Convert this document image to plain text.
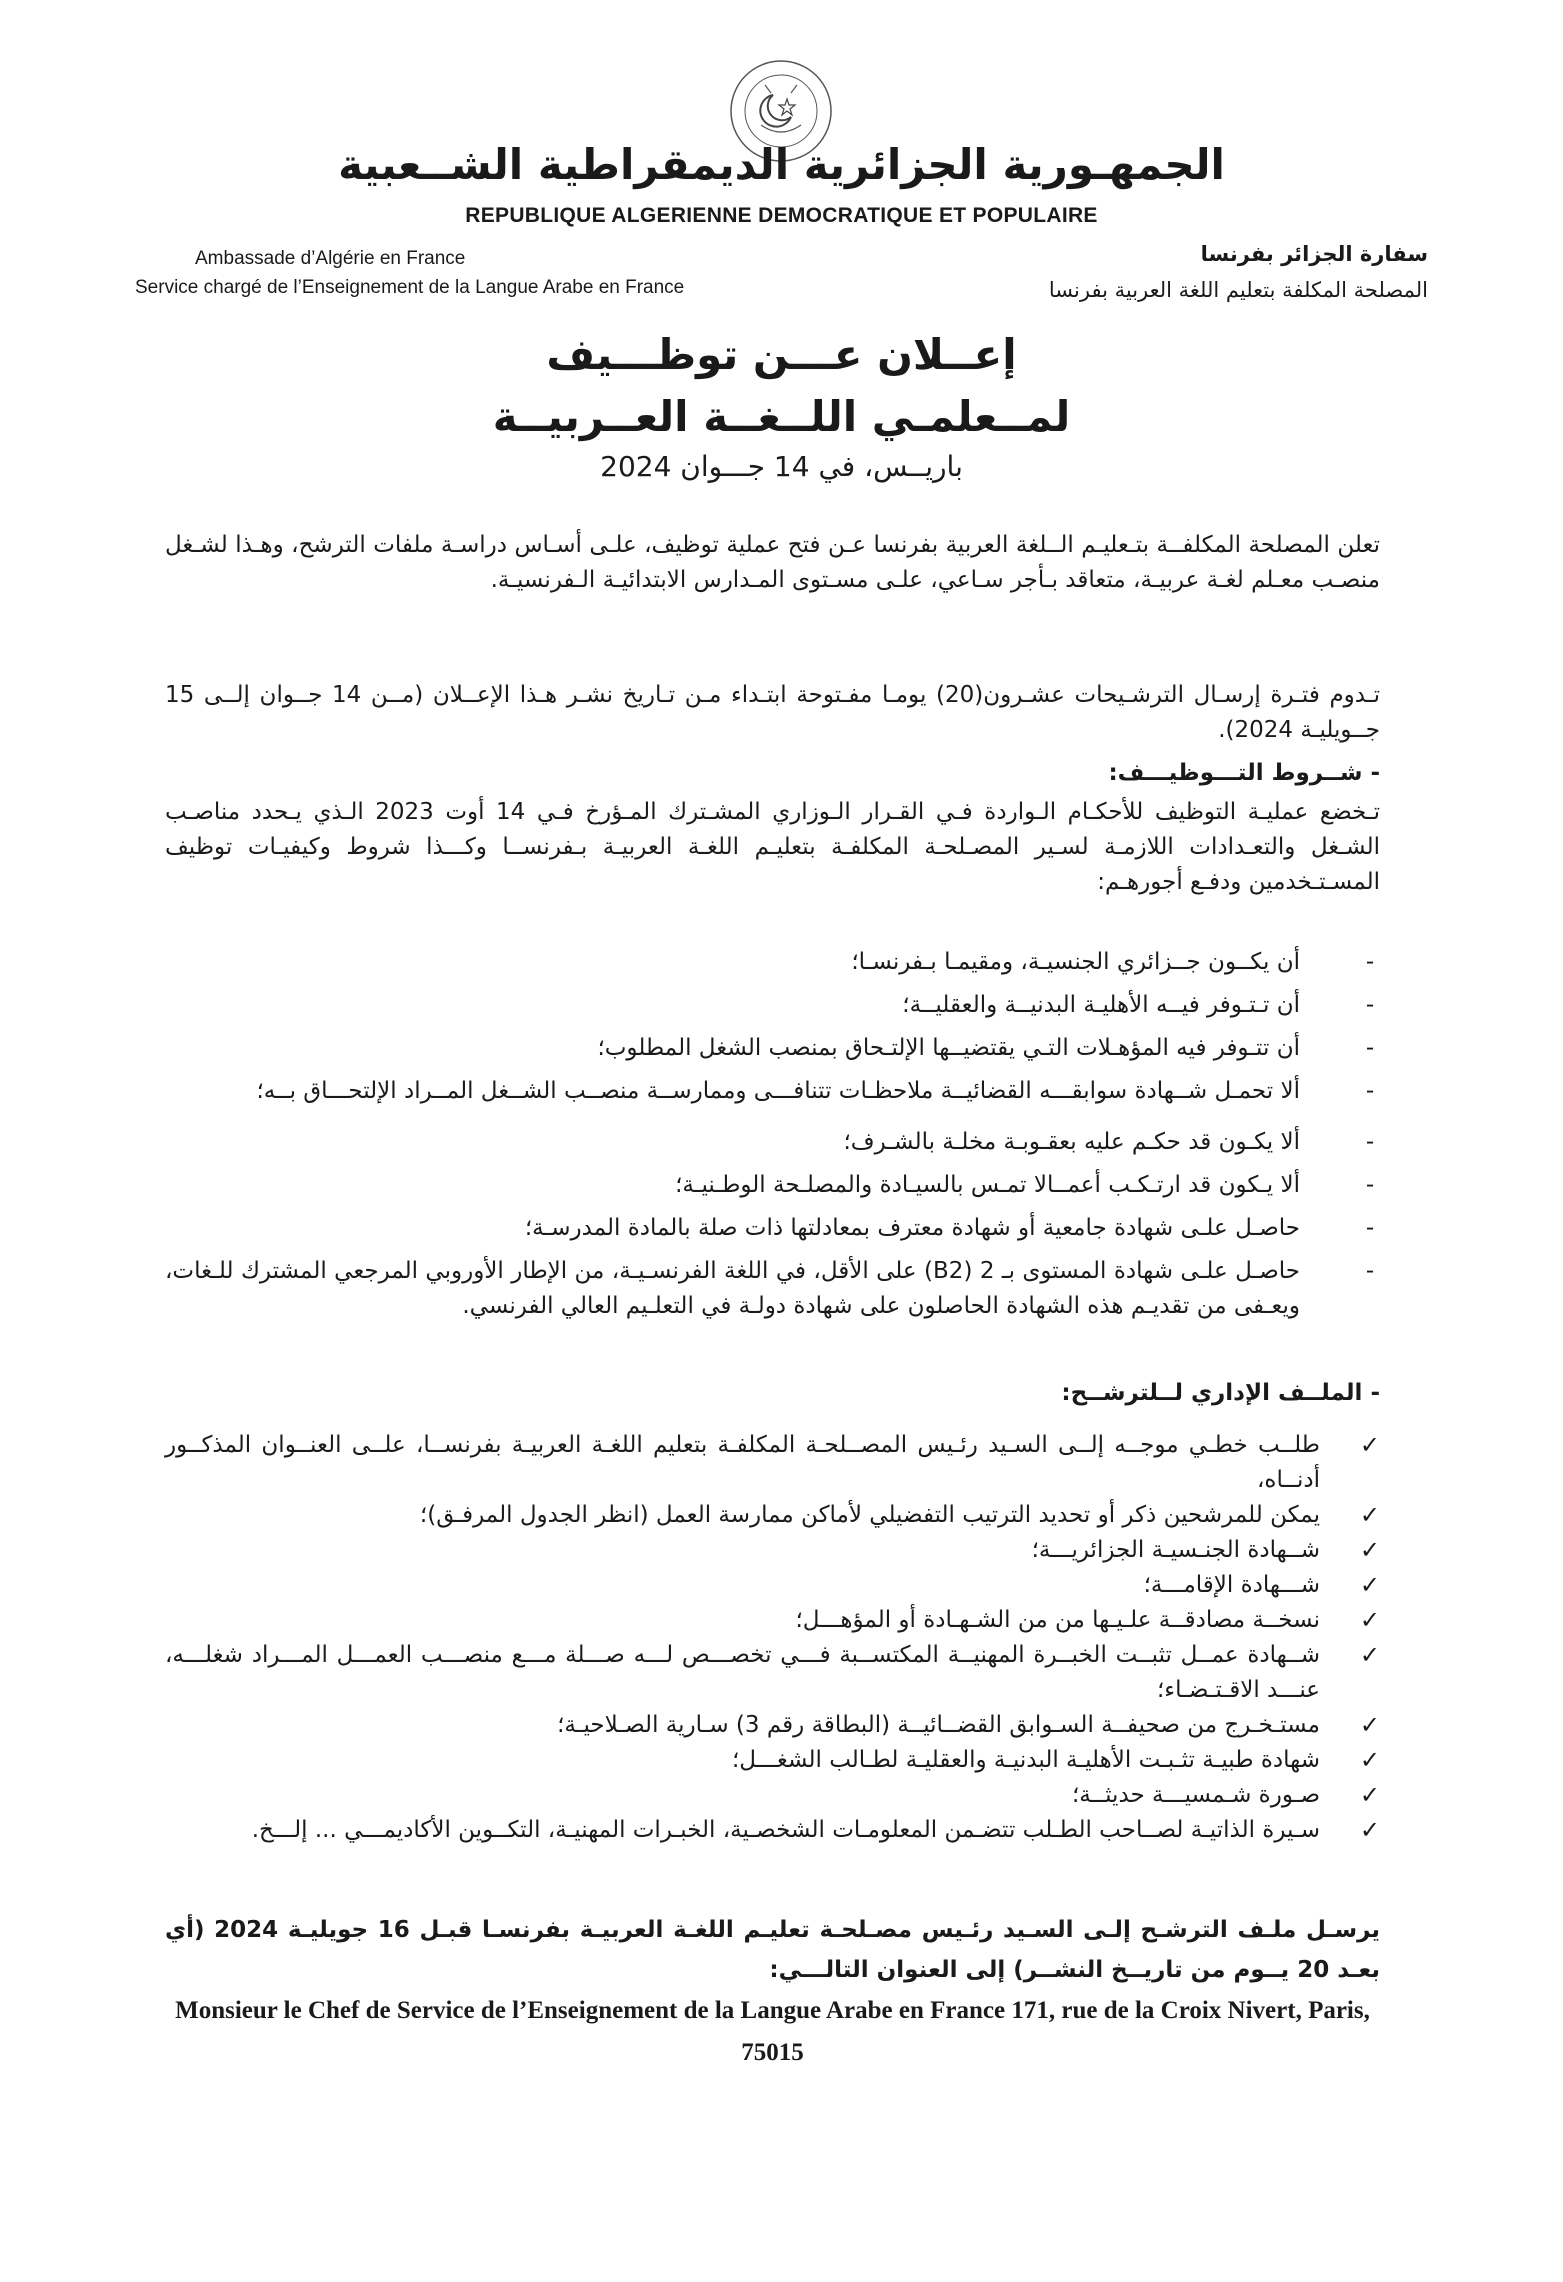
الجمهـورية الجزائرية الديمقراطية الشــعبية
REPUBLIQUE ALGERIENNE DEMOCRATIQUE ET POPULAIRE
Ambassade d’Algérie en France
Service chargé de l’Enseignement de la Langue Arabe en France
سفارة الجزائر بفرنسا
المصلحة المكلفة بتعليم اللغة العربية بفرنسا
إعــلان عـــن توظـــيف
لمــعلمـي اللــغــة العــربيــة
باريــس، في 14 جـــوان 2024
تعلن المصلحة المكلفــة بتـعليـم الــلغة العربية بفرنسا عـن فتح عملية توظيف، علـى أسـاس دراسـة ملفات الترشح، وهـذا لشـغل منصـب معـلم لغـة عربيـة، متعاقد بـأجر سـاعي، علـى مسـتوى المـدارس الابتدائيـة الـفرنسيـة.
تـدوم فتـرة إرسـال الترشـيحات عشـرون(20) يومـا مفـتوحة ابتـداء مـن تـاريخ نشـر هـذا الإعــلان (مــن 14 جــوان إلــى 15 جــويليـة 2024).
- شــروط التـــوظيـــف:
تـخضع عمليـة التوظيف للأحكـام الـواردة فـي القـرار الـوزاري المشـترك المـؤرخ فـي 14 أوت 2023 الـذي يـحدد مناصـب الشـغل والتعـدادات اللازمـة لسـير المصـلحـة المكلفـة بتعليـم اللغـة العربيـة بـفرنســا وكـــذا شروط وكيفيـات توظيف المسـتـخدمين ودفـع أجورهـم:
-
أن يكــون جــزائري الجنسيـة، ومقيمـا بـفرنسـا؛
-
أن تـتـوفر فيــه الأهليـة البدنيــة والعقليــة؛
-
أن تتـوفر فيه المؤهـلات التـي يقتضيــها الإلتـحاق بمنصب الشغل المطلوب؛
-
ألا تحمـل شــهادة سوابقـــه القضائيــة ملاحظـات تتنافـــى وممارســة منصــب الشــغل المــراد الإلتحـــاق بــه؛
-
ألا يكـون قد حكـم عليه بعقـوبـة مخلـة بالشـرف؛
-
ألا يـكون قد ارتـكـب أعمــالا تمـس بالسيـادة والمصلـحة الوطـنيـة؛
-
حاصـل علـى شهادة جامعية أو شهادة معترف بمعادلتها ذات صلة بالمادة المدرسـة؛
-
حاصـل علـى شهادة المستوى بـ 2 (B2) على الأقل، في اللغة الفرنسـيـة، من الإطار الأوروبي المرجعي المشترك للـغات، ويعـفى من تقديـم هذه الشهادة الحاصلون على شهادة دولـة في التعلـيم العالي الفرنسي.
- الملــف الإداري لــلترشــح:
✓
طلــب خطـي موجــه إلــى السـيد رئـيس المصــلحـة المكلفـة بتعليم اللغـة العربيـة بفرنســا، علــى العنــوان المذكــور أدنــاه،
✓
يمكن للمرشحين ذكر أو تحديد الترتيب التفضيلي لأماكن ممارسة العمل (انظر الجدول المرفـق)؛
✓
شــهادة الجنـسيـة الجزائريـــة؛
✓
شـــهادة الإقامـــة؛
✓
نسخــة مصادقــة علـيـها من من الشـهـادة أو المؤهـــل؛
✓
شــهادة عمــل تثبــت الخبــرة المهنيــة المكتســبة فـــي تخصـــص لـــه صـــلة مـــع منصـــب العمـــل المـــراد شغلـــه، عنـــد الاقـتـضـاء؛
✓
مستـخـرج من صحيفــة السـوابق القضــائيــة (البطاقة رقم 3) سـارية الصـلاحيـة؛
✓
شهادة طبيـة تثـبـت الأهليـة البدنيـة والعقليـة لطـالب الشغـــل؛
✓
صـورة شـمسيـــة حديثــة؛
✓
سـيرة الذاتيـة لصــاحب الطـلب تتضـمن المعلومـات الشخصـية، الخبـرات المهنيـة، التكــوين الأكاديمـــي ... إلـــخ.
يرسـل ملـف الترشـح إلـى السـيد رئـيس مصـلحـة تعليـم اللغـة العربيـة بفرنسـا قبـل 16 جويليـة 2024 (أي بعـد 20 يــوم من تاريــخ النشــر) إلى العنوان التالـــي:
Monsieur le Chef de Service de l’Enseignement de la Langue Arabe en France 171, rue de la Croix Nivert, Paris, 75015
